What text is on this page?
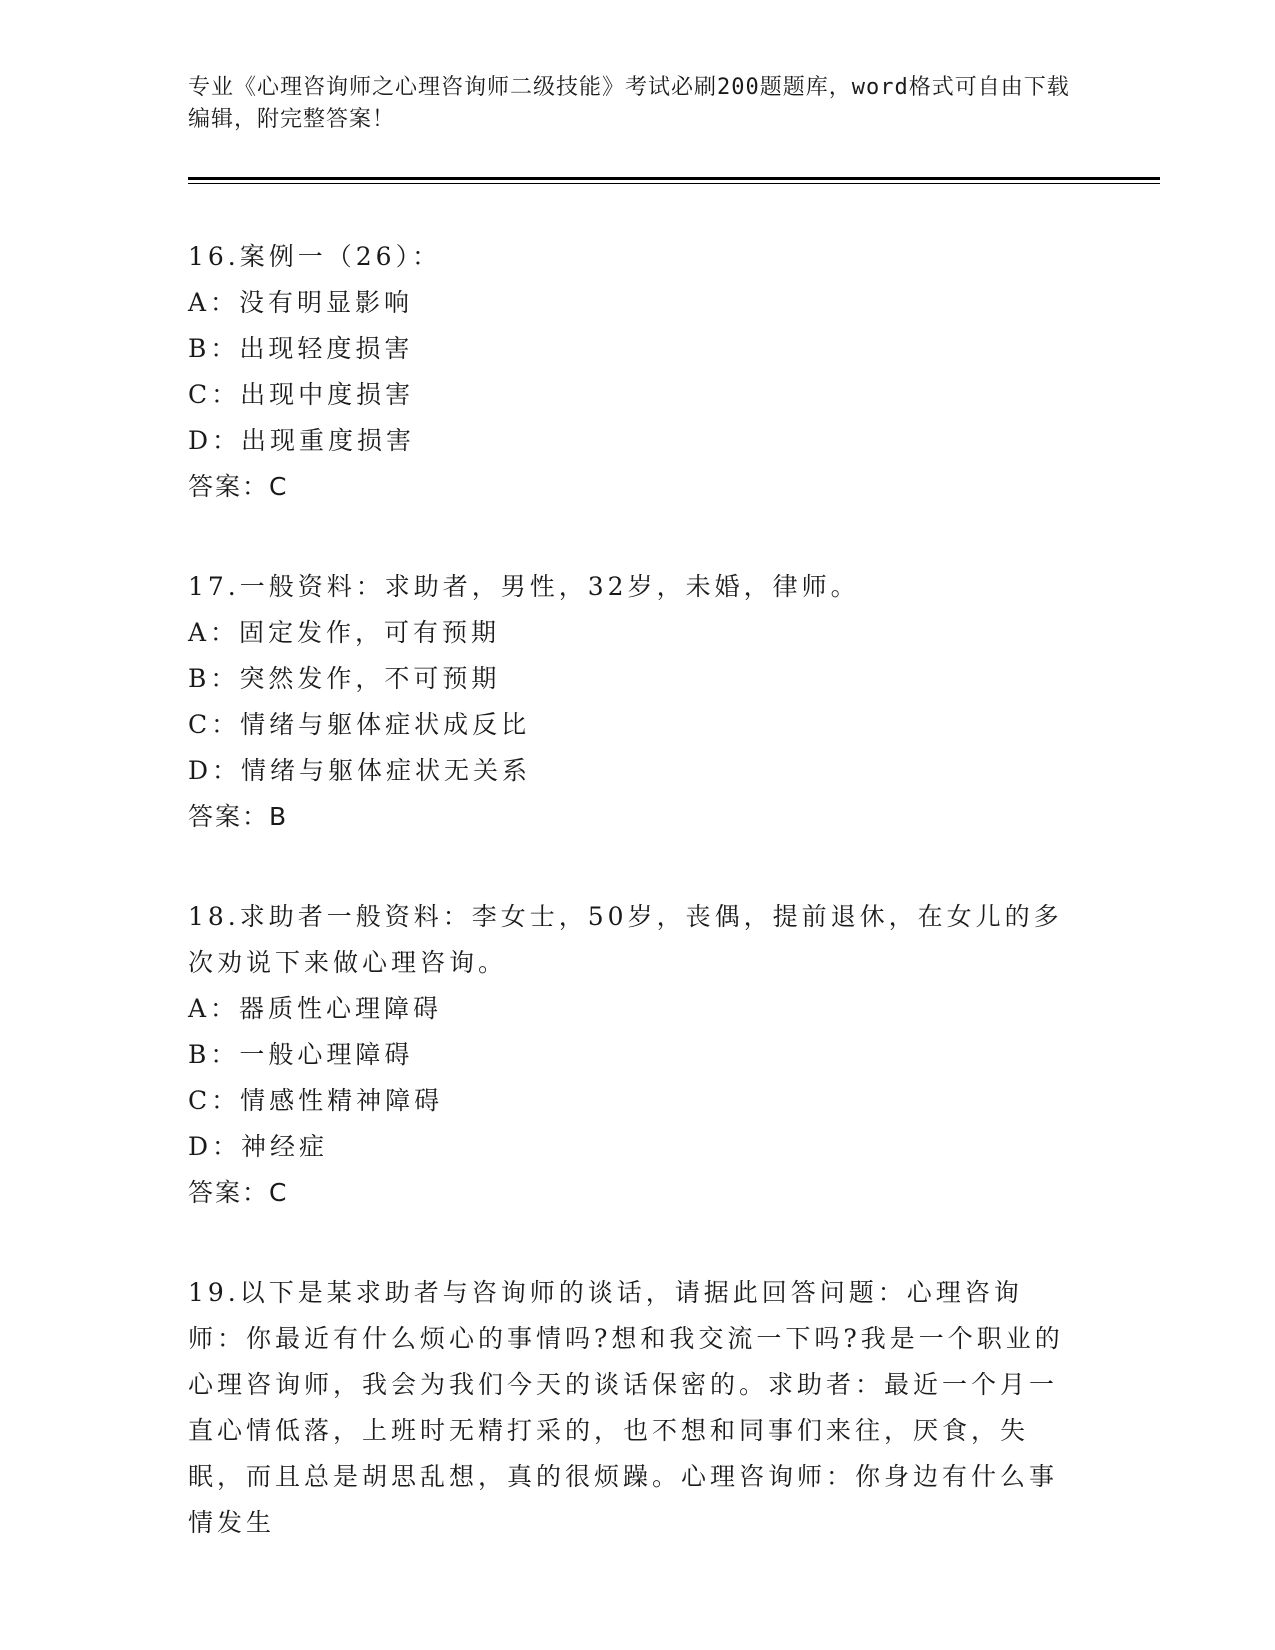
专业《心理咨询师之心理咨询师二级技能》考试必刷200题题库，word格式可自由下载编辑，附完整答案！
16.案例一（26）：
A：没有明显影响
B：出现轻度损害
C：出现中度损害
D：出现重度损害
答案：C
17.一般资料：求助者，男性，32岁，未婚，律师。
A：固定发作，可有预期
B：突然发作，不可预期
C：情绪与躯体症状成反比
D：情绪与躯体症状无关系
答案：B
18.求助者一般资料：李女士，50岁，丧偶，提前退休，在女儿的多次劝说下来做心理咨询。
A：器质性心理障碍
B：一般心理障碍
C：情感性精神障碍
D：神经症
答案：C
19.以下是某求助者与咨询师的谈话，请据此回答问题：心理咨询师：你最近有什么烦心的事情吗?想和我交流一下吗?我是一个职业的心理咨询师，我会为我们今天的谈话保密的。求助者：最近一个月一直心情低落，上班时无精打采的，也不想和同事们来往，厌食，失眠，而且总是胡思乱想，真的很烦躁。心理咨询师：你身边有什么事情发生
